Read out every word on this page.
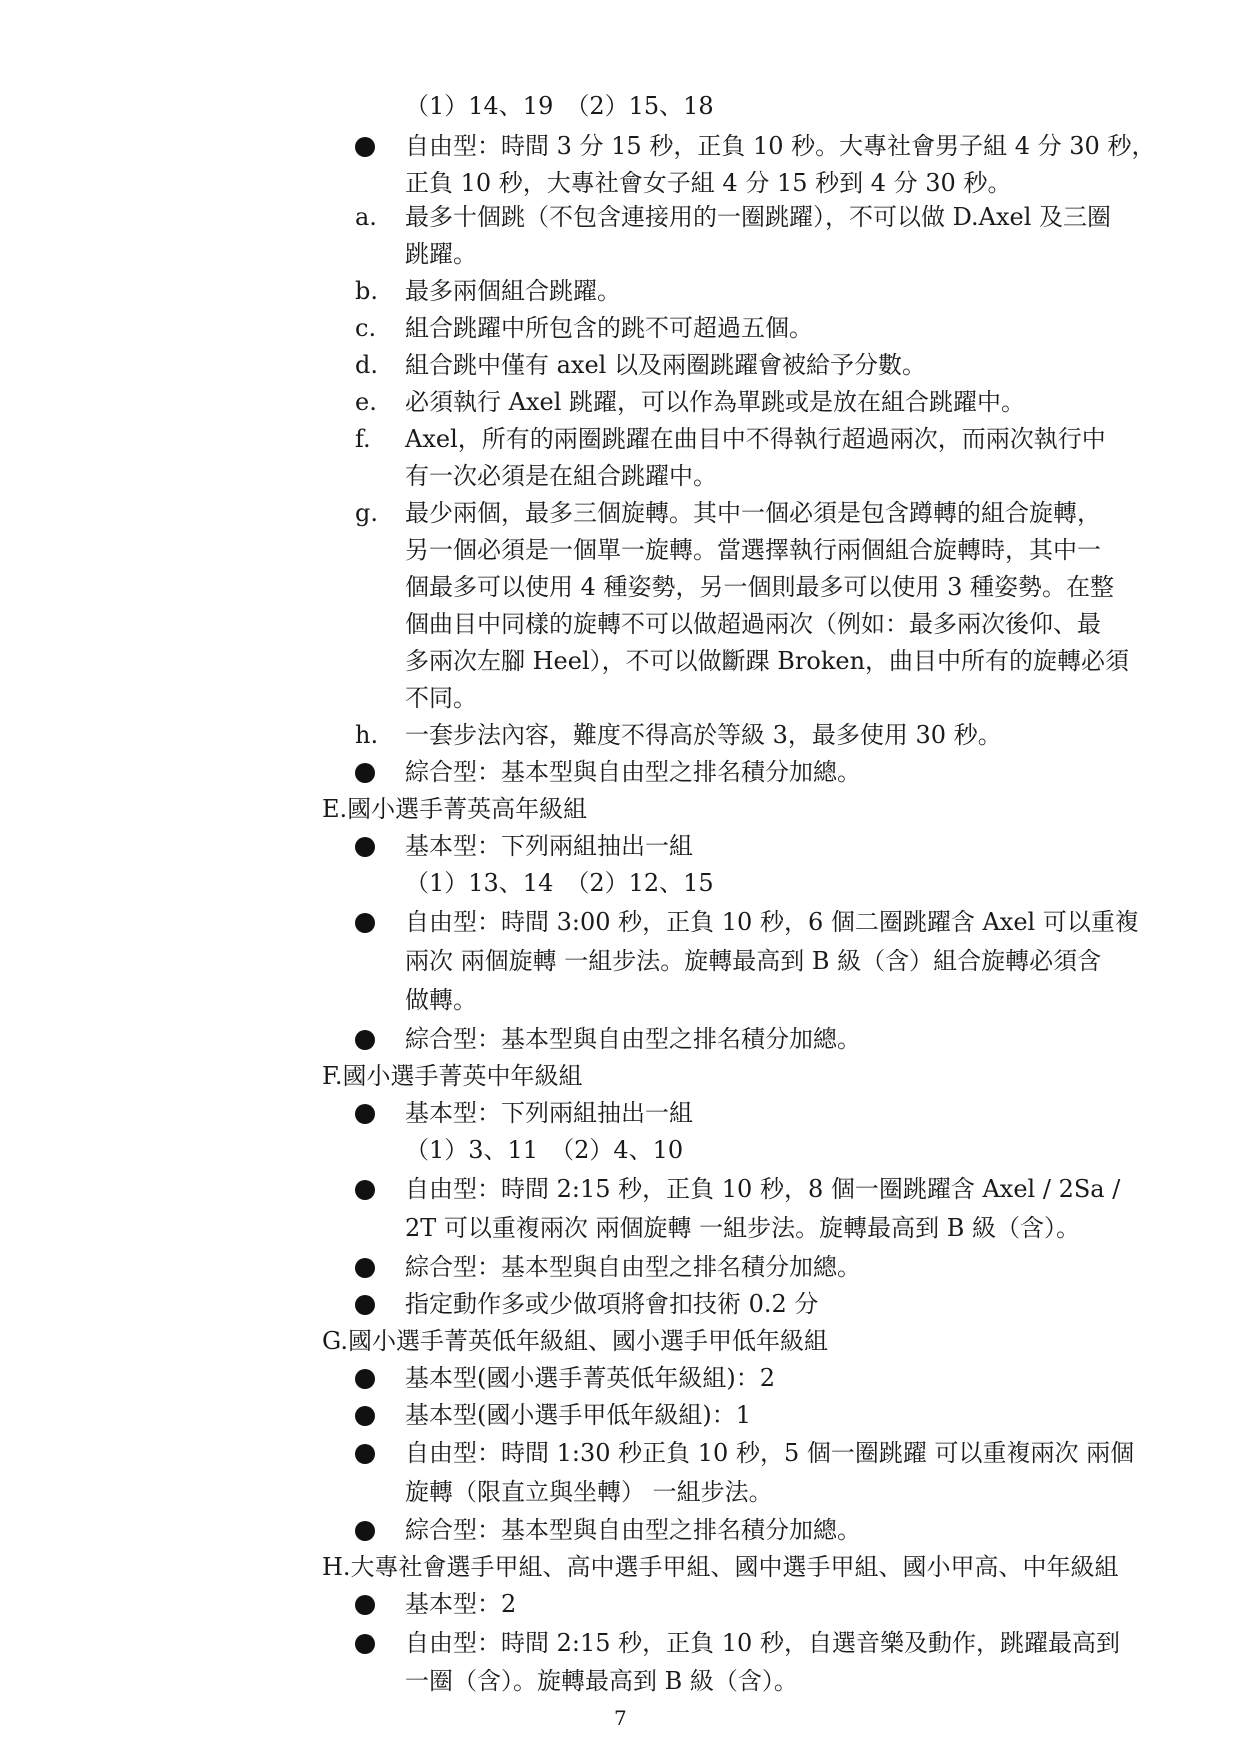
（1）14、19　（2）15、18
自由型：時間 3 分 15 秒，正負 10 秒。大專社會男子組 4 分 30 秒，
正負 10 秒，大專社會女子組 4 分 15 秒到 4 分 30 秒。
a. 最多十個跳（不包含連接用的一圈跳躍），不可以做 D.Axel 及三圈
跳躍。
b. 最多兩個組合跳躍。
c. 組合跳躍中所包含的跳不可超過五個。
d. 組合跳中僅有 axel 以及兩圈跳躍會被給予分數。
e. 必須執行 Axel 跳躍，可以作為單跳或是放在組合跳躍中。
f. Axel，所有的兩圈跳躍在曲目中不得執行超過兩次，而兩次執行中
有一次必須是在組合跳躍中。
g. 最少兩個，最多三個旋轉。其中一個必須是包含蹲轉的組合旋轉，
另一個必須是一個單一旋轉。當選擇執行兩個組合旋轉時，其中一
個最多可以使用 4 種姿勢，另一個則最多可以使用 3 種姿勢。在整
個曲目中同樣的旋轉不可以做超過兩次（例如：最多兩次後仰、最
多兩次左腳 Heel），不可以做斷踝 Broken，曲目中所有的旋轉必須
不同。
h. 一套步法內容，難度不得高於等級 3，最多使用 30 秒。
綜合型：基本型與自由型之排名積分加總。
E.國小選手菁英高年級組
基本型：下列兩組抽出一組
（1）13、14　（2）12、15
自由型：時間 3:00 秒，正負 10 秒，6 個二圈跳躍含 Axel 可以重複
兩次 兩個旋轉 一組步法。旋轉最高到 B 級（含）組合旋轉必須含
做轉。
綜合型：基本型與自由型之排名積分加總。
F.國小選手菁英中年級組
基本型：下列兩組抽出一組
（1）3、11　（2）4、10
自由型：時間 2:15 秒，正負 10 秒，8 個一圈跳躍含 Axel / 2Sa /
2T 可以重複兩次 兩個旋轉 一組步法。旋轉最高到 B 級（含）。
綜合型：基本型與自由型之排名積分加總。
指定動作多或少做項將會扣技術 0.2 分
G.國小選手菁英低年級組、國小選手甲低年級組
基本型(國小選手菁英低年級組)：2
基本型(國小選手甲低年級組)：1
自由型：時間 1:30 秒正負 10 秒，5 個一圈跳躍 可以重複兩次 兩個
旋轉（限直立與坐轉） 一組步法。
綜合型：基本型與自由型之排名積分加總。
H.大專社會選手甲組、高中選手甲組、國中選手甲組、國小甲高、中年級組
基本型：2
自由型：時間 2:15 秒，正負 10 秒，自選音樂及動作，跳躍最高到
一圈（含）。旋轉最高到 B 級（含）。
7
